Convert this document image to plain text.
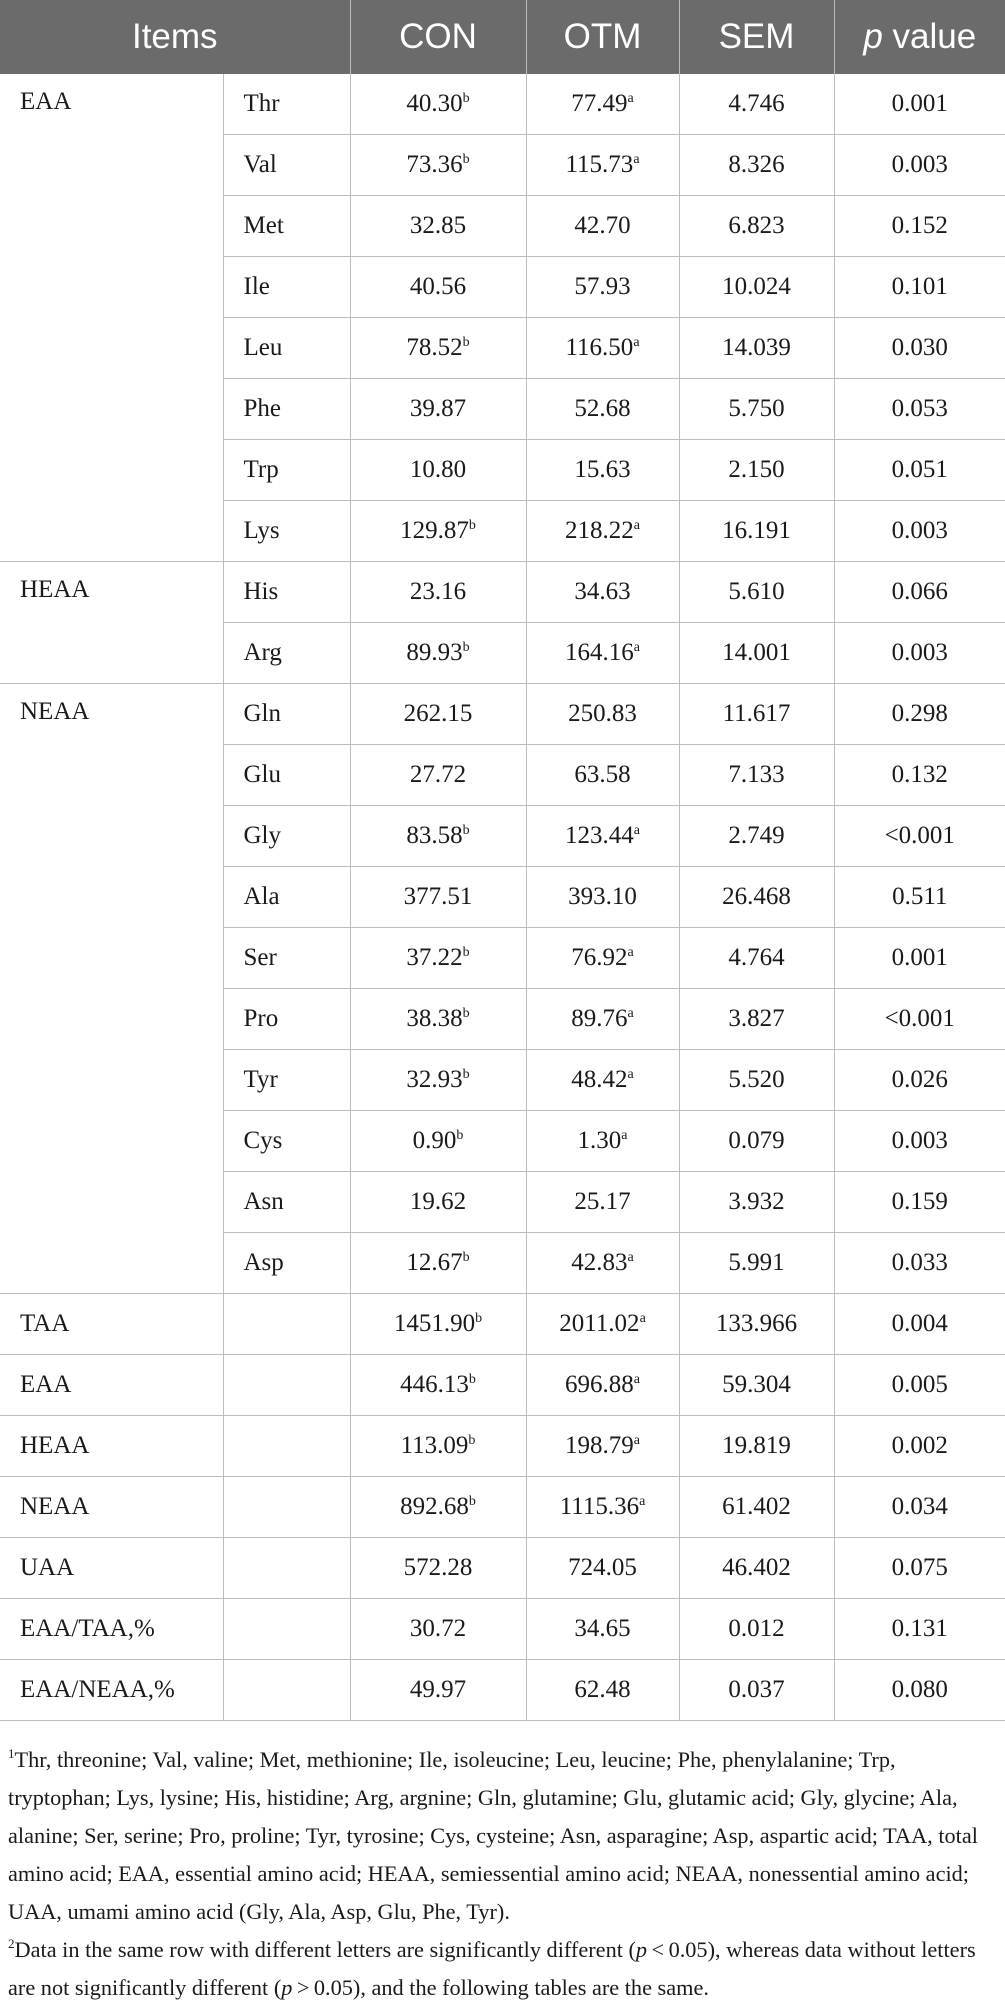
Items		CON	OTM	SEM	p value
EAA	Thr	40.30$^b$	77.49$^a$	4.746	0.001
	Val	73.36$^b$	115.73$^a$	8.326	0.003
	Met	32.85	42.70	6.823	0.152
	Ile	40.56	57.93	10.024	0.101
	Leu	78.52$^b$	116.50$^a$	14.039	0.030
	Phe	39.87	52.68	5.750	0.053
	Trp	10.80	15.63	2.150	0.051
	Lys	129.87$^b$	218.22$^a$	16.191	0.003
HEAA	His	23.16	34.63	5.610	0.066
	Arg	89.93$^b$	164.16$^a$	14.001	0.003
NEAA	Gln	262.15	250.83	11.617	0.298
	Glu	27.72	63.58	7.133	0.132
	Gly	83.58$^b$	123.44$^a$	2.749	<0.001
	Ala	377.51	393.10	26.468	0.511
	Ser	37.22$^b$	76.92$^a$	4.764	0.001
	Pro	38.38$^b$	89.76$^a$	3.827	<0.001
	Tyr	32.93$^b$	48.42$^a$	5.520	0.026
	Cys	0.90$^b$	1.30$^a$	0.079	0.003
	Asn	19.62	25.17	3.932	0.159
	Asp	12.67$^b$	42.83$^a$	5.991	0.033
TAA		1451.90$^b$	2011.02$^a$	133.966	0.004
EAA		446.13$^b$	696.88$^a$	59.304	0.005
HEAA		113.09$^b$	198.79$^a$	19.819	0.002
NEAA		892.68$^b$	1115.36$^a$	61.402	0.034
UAA		572.28	724.05	46.402	0.075
EAA/TAA,%		30.72	34.65	0.012	0.131
EAA/NEAA,%		49.97	62.48	0.037	0.080

$^1$Thr, threonine; Val, valine; Met, methionine; Ile, isoleucine; Leu, leucine; Phe, phenylalanine; Trp, tryptophan; Lys, lysine; His, histidine; Arg, argnine; Gln, glutamine; Glu, glutamic acid; Gly, glycine; Ala, alanine; Ser, serine; Pro, proline; Tyr, tyrosine; Cys, cysteine; Asn, asparagine; Asp, aspartic acid; TAA, total amino acid; EAA, essential amino acid; HEAA, semiessential amino acid; NEAA, nonessential amino acid; UAA, umami amino acid (Gly, Ala, Asp, Glu, Phe, Tyr).

$^2$Data in the same row with different letters are significantly different (p < 0.05), whereas data without letters are not significantly different (p > 0.05), and the following tables are the same.
